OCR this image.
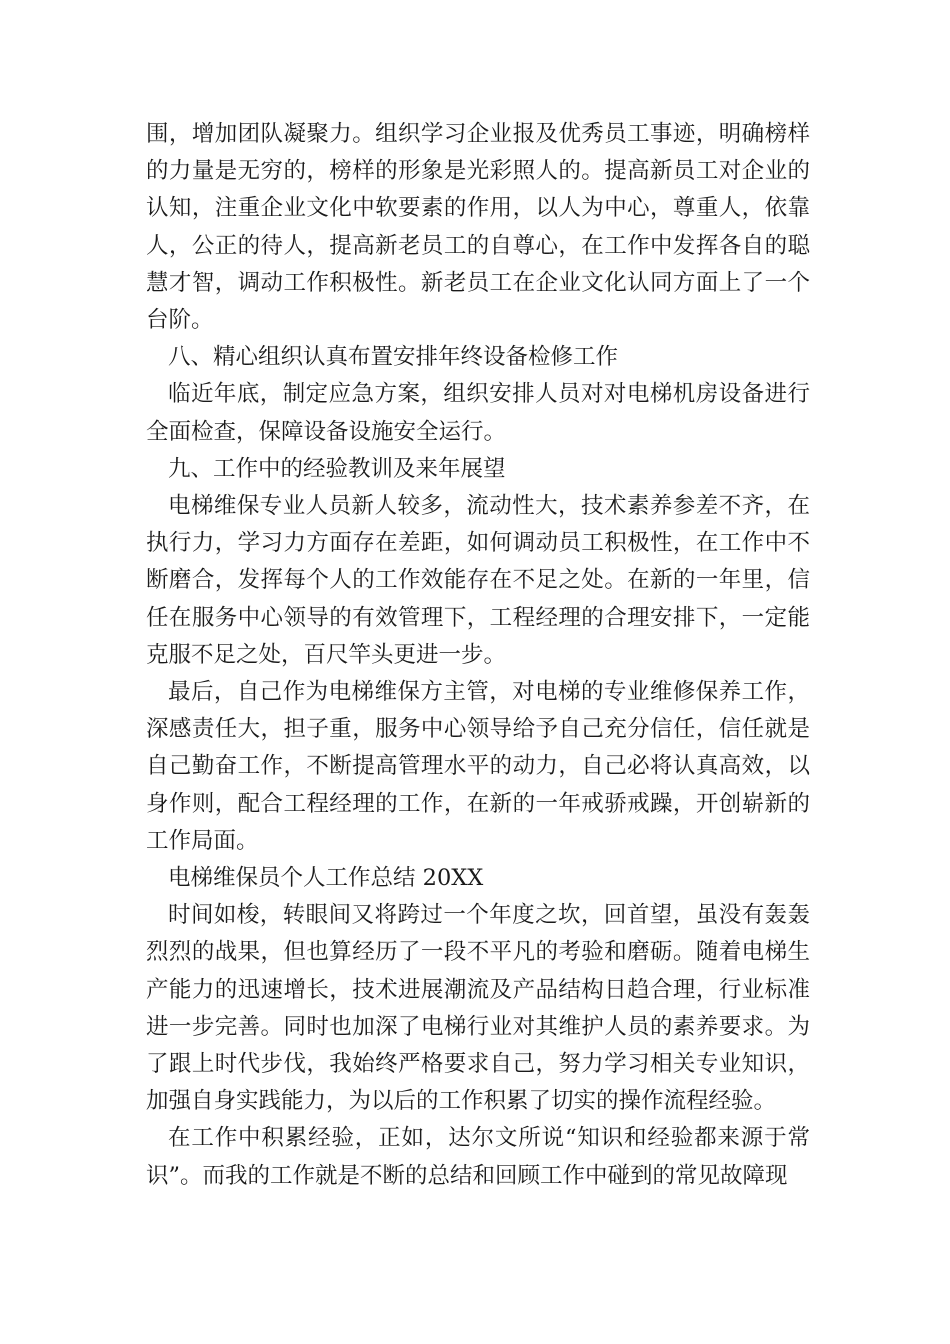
围，增加团队凝聚力。组织学习企业报及优秀员工事迹，明确榜样的力量是无穷的，榜样的形象是光彩照人的。提高新员工对企业的认知，注重企业文化中软要素的作用，以人为中心，尊重人，依靠人，公正的待人，提高新老员工的自尊心，在工作中发挥各自的聪慧才智，调动工作积极性。新老员工在企业文化认同方面上了一个台阶。

八、精心组织认真布置安排年终设备检修工作

临近年底，制定应急方案，组织安排人员对对电梯机房设备进行全面检查，保障设备设施安全运行。

九、工作中的经验教训及来年展望

电梯维保专业人员新人较多，流动性大，技术素养参差不齐，在执行力，学习力方面存在差距，如何调动员工积极性，在工作中不断磨合，发挥每个人的工作效能存在不足之处。在新的一年里，信任在服务中心领导的有效管理下，工程经理的合理安排下，一定能克服不足之处，百尺竿头更进一步。

最后，自己作为电梯维保方主管，对电梯的专业维修保养工作，深感责任大，担子重，服务中心领导给予自己充分信任，信任就是自己勤奋工作，不断提高管理水平的动力，自己必将认真高效，以身作则，配合工程经理的工作，在新的一年戒骄戒躁，开创崭新的工作局面。

电梯维保员个人工作总结 20XX

时间如梭，转眼间又将跨过一个年度之坎，回首望，虽没有轰轰烈烈的战果，但也算经历了一段不平凡的考验和磨砺。随着电梯生产能力的迅速增长，技术进展潮流及产品结构日趋合理，行业标准进一步完善。同时也加深了电梯行业对其维护人员的素养要求。为了跟上时代步伐，我始终严格要求自己，努力学习相关专业知识，加强自身实践能力，为以后的工作积累了切实的操作流程经验。

在工作中积累经验，正如，达尔文所说“知识和经验都来源于常识”。而我的工作就是不断的总结和回顾工作中碰到的常见故障现
